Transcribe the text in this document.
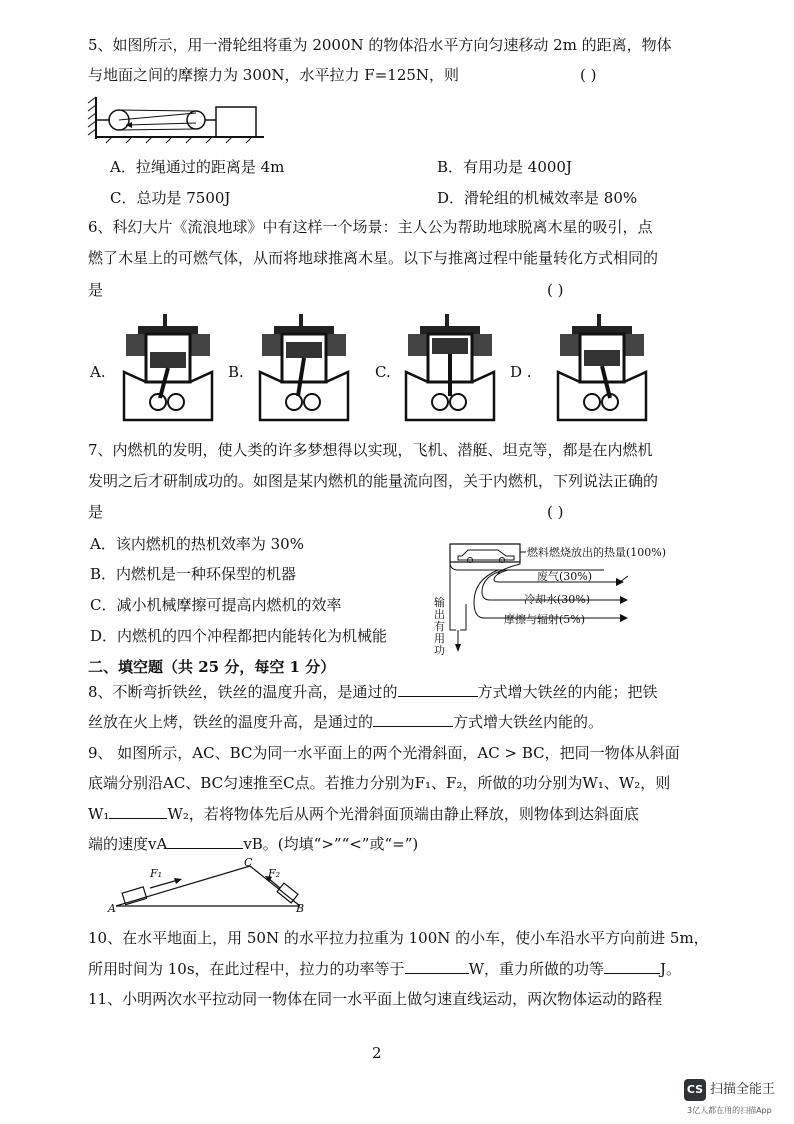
5、如图所示，用一滑轮组将重为 2000N 的物体沿水平方向匀速移动 2m 的距离，物体
与地面之间的摩擦力为 300N，水平拉力 F=125N，则	( )
A．拉绳通过的距离是 4m	B．有用功是 4000J
C．总功是 7500J	D．滑轮组的机械效率是 80%
6、科幻大片《流浪地球》中有这样一个场景：主人公为帮助地球脱离木星的吸引，点
燃了木星上的可燃气体，从而将地球推离木星。以下与推离过程中能量转化方式相同的
是	( )
A.	B.	C.	D .
7、内燃机的发明，使人类的许多梦想得以实现，飞机、潜艇、坦克等，都是在内燃机
发明之后才研制成功的。如图是某内燃机的能量流向图，关于内燃机，下列说法正确的
是	( )
A．该内燃机的热机效率为 30%
B．内燃机是一种环保型的机器
C．减小机械摩擦可提高内燃机的效率
D．内燃机的四个冲程都把内能转化为机械能
燃料燃烧放出的热量(100%)
废气(30%)
冷却水(30%)
摩擦与辐射(5%)
输
出
有
用
功
二、填空题（共 25 分，每空 1 分）
8、不断弯折铁丝，铁丝的温度升高，是通过的	方式增大铁丝的内能；把铁
丝放在火上烤，铁丝的温度升高，是通过的	方式增大铁丝内能的。
9、 如图所示，AC、BC为同一水平面上的两个光滑斜面，AC > BC，把同一物体从斜面
底端分别沿AC、BC匀速推至C点。若推力分别为F₁、F₂，所做的功分别为W₁、W₂，则
W₁	W₂，若将物体先后从两个光滑斜面顶端由静止释放，则物体到达斜面底
端的速度vA	vB。(均填“>”“<”或“=”)
F₁	F₂
A	B
C
10、在水平地面上，用 50N 的水平拉力拉重为 100N 的小车，使小车沿水平方向前进 5m，
所用时间为 10s，在此过程中，拉力的功率等于	W，重力所做的功等	J。
11、小明两次水平拉动同一物体在同一水平面上做匀速直线运动，两次物体运动的路程
2
CS 扫描全能王
3亿人都在用的扫描App
